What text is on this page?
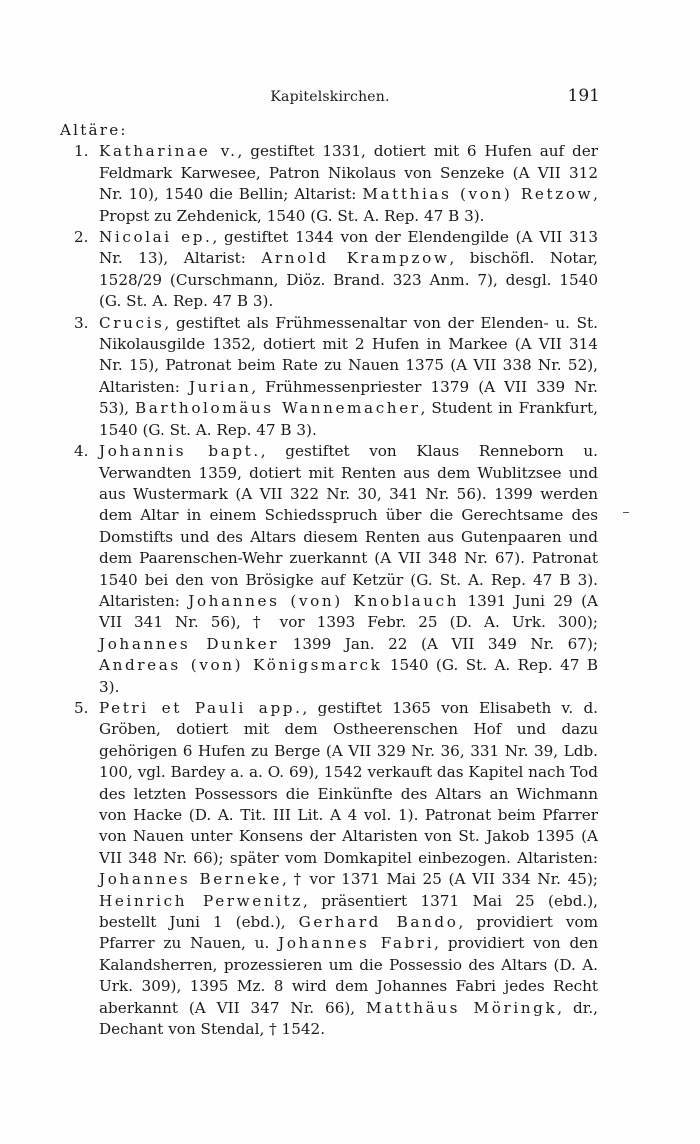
Kapitelskirchen.	191

Altäre:

1. Katharinae v., gestiftet 1331, dotiert mit 6 Hufen auf der Feldmark Karwesee, Patron Nikolaus von Senzeke (A VII 312 Nr. 10), 1540 die Bellin; Altarist: Matthias (von) Retzow, Propst zu Zehdenick, 1540 (G. St. A. Rep. 47 B 3).
2. Nicolai ep., gestiftet 1344 von der Elendengilde (A VII 313 Nr. 13), Altarist: Arnold Krampzow, bischöfl. Notar, 1528/29 (Curschmann, Diöz. Brand. 323 Anm. 7), desgl. 1540 (G. St. A. Rep. 47 B 3).
3. Crucis, gestiftet als Frühmessenaltar von der Elenden- u. St. Nikolausgilde 1352, dotiert mit 2 Hufen in Markee (A VII 314 Nr. 15), Patronat beim Rate zu Nauen 1375 (A VII 338 Nr. 52), Altaristen: Jurian, Frühmessenpriester 1379 (A VII 339 Nr. 53), Bartholomäus Wannemacher, Student in Frankfurt, 1540 (G. St. A. Rep. 47 B 3).
4. Johannis bapt., gestiftet von Klaus Renneborn u. Verwandten 1359, dotiert mit Renten aus dem Wublitzsee und aus Wustermark (A VII 322 Nr. 30, 341 Nr. 56). 1399 werden dem Altar in einem Schiedsspruch über die Gerechtsame des Domstifts und des Altars diesem Renten aus Gutenpaaren und dem Paarenschen-Wehr zuerkannt (A VII 348 Nr. 67). Patronat 1540 bei den von Brösigke auf Ketzür (G. St. A. Rep. 47 B 3). Altaristen: Johannes (von) Knoblauch 1391 Juni 29 (A VII 341 Nr. 56), † vor 1393 Febr. 25 (D. A. Urk. 300); Johannes Dunker 1399 Jan. 22 (A VII 349 Nr. 67); Andreas (von) Königsmarck 1540 (G. St. A. Rep. 47 B 3).
5. Petri et Pauli app., gestiftet 1365 von Elisabeth v. d. Gröben, dotiert mit dem Ostheerenschen Hof und dazu gehörigen 6 Hufen zu Berge (A VII 329 Nr. 36, 331 Nr. 39, Ldb. 100, vgl. Bardey a. a. O. 69), 1542 verkauft das Kapitel nach Tod des letzten Possessors die Einkünfte des Altars an Wichmann von Hacke (D. A. Tit. III Lit. A 4 vol. 1). Patronat beim Pfarrer von Nauen unter Konsens der Altaristen von St. Jakob 1395 (A VII 348 Nr. 66); später vom Domkapitel einbezogen. Altaristen: Johannes Berneke, † vor 1371 Mai 25 (A VII 334 Nr. 45); Heinrich Perwenitz, präsentiert 1371 Mai 25 (ebd.), bestellt Juni 1 (ebd.), Gerhard Bando, providiert vom Pfarrer zu Nauen, u. Johannes Fabri, providiert von den Kalandsherren, prozessieren um die Possessio des Altars (D. A. Urk. 309), 1395 Mz. 8 wird dem Johannes Fabri jedes Recht aberkannt (A VII 347 Nr. 66), Matthäus Möringk, dr., Dechant von Stendal, † 1542.
